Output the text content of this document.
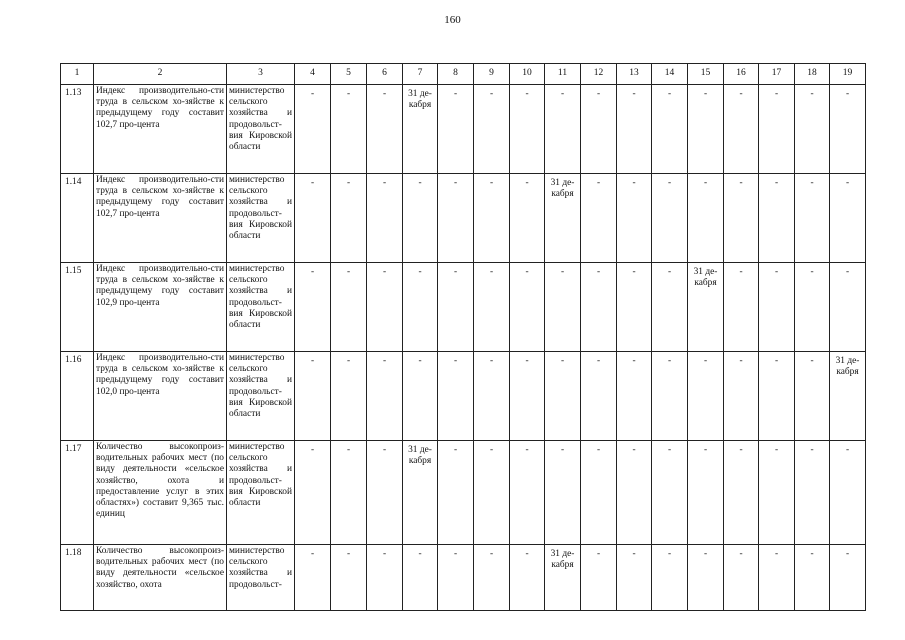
160
1	2	3	4	5	6	7	8	9	10	11	12	13	14	15	16	17	18	19
1.13	Индекс производительно-сти труда в сельском хо-зяйстве к предыдущему году составит 102,7 про-цента	министерство сельского хозяйства и продовольст-вия Кировской области	-	-	-	31 де-кабря	-	-	-	-	-	-	-	-	-	-	-	-
1.14	Индекс производительно-сти труда в сельском хо-зяйстве к предыдущему году составит 102,7 про-цента	министерство сельского хозяйства и продовольст-вия Кировской области	-	-	-	-	-	-	-	31 де-кабря	-	-	-	-	-	-	-	-
1.15	Индекс производительно-сти труда в сельском хо-зяйстве к предыдущему году составит 102,9 про-цента	министерство сельского хозяйства и продовольст-вия Кировской области	-	-	-	-	-	-	-	-	-	-	-	31 де-кабря	-	-	-	-
1.16	Индекс производительно-сти труда в сельском хо-зяйстве к предыдущему году составит 102,0 про-цента	министерство сельского хозяйства и продовольст-вия Кировской области	-	-	-	-	-	-	-	-	-	-	-	-	-	-	-	31 де-кабря
1.17	Количество высокопроиз-водительных рабочих мест (по виду деятельности «сельское хозяйство, охота и предоставление услуг в этих областях») составит 9,365 тыс. единиц	министерство сельского хозяйства и продовольст-вия Кировской области	-	-	-	31 де-кабря	-	-	-	-	-	-	-	-	-	-	-	-
1.18	Количество высокопроиз-водительных рабочих мест (по виду деятельности «сельское хозяйство, охота	министерство сельского хозяйства и продовольст-	-	-	-	-	-	-	-	31 де-кабря	-	-	-	-	-	-	-	-
